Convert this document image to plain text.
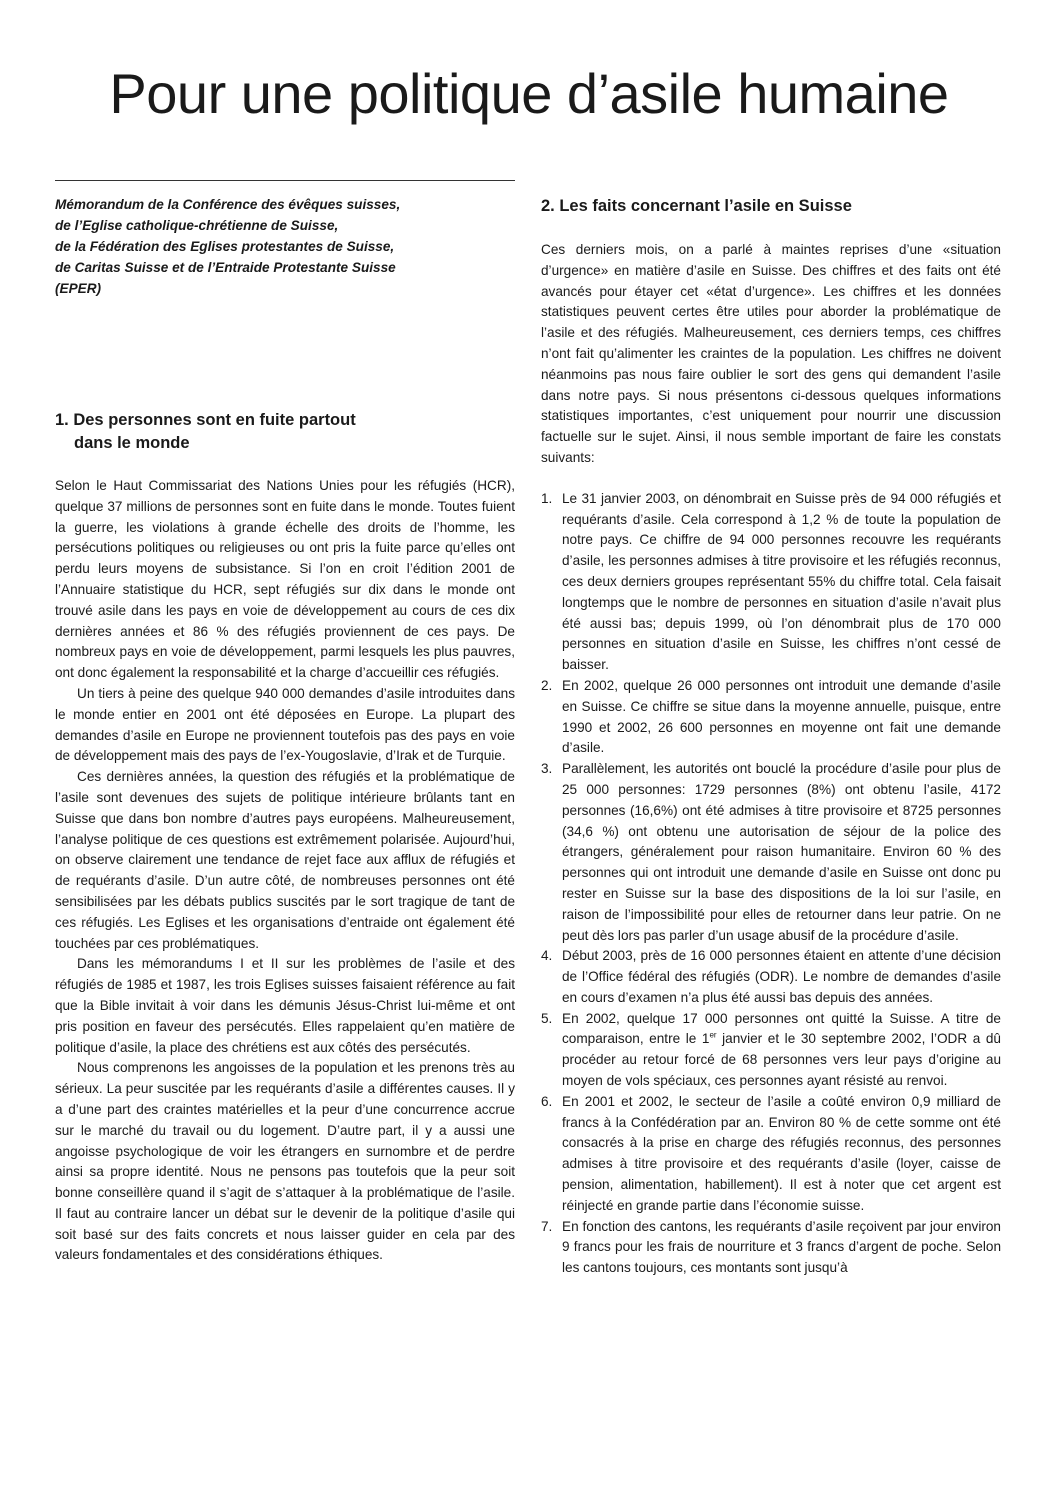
Pour une politique d’asile humaine
Mémorandum de la Conférence des évêques suisses,
de l’Eglise catholique-chrétienne de Suisse,
de la Fédération des Eglises protestantes de Suisse,
de Caritas Suisse et de l’Entraide Protestante Suisse
(EPER)
1. Des personnes sont en fuite partout
dans le monde

Selon le Haut Commissariat des Nations Unies pour les réfugiés (HCR), quelque 37 millions de personnes sont en fuite dans le monde. Toutes fuient la guerre, les violations à grande échelle des droits de l’homme, les persécutions politiques ou religieuses ou ont pris la fuite parce qu’elles ont perdu leurs moyens de subsistance. Si l’on en croit l’édition 2001 de l’Annuaire statistique du HCR, sept réfugiés sur dix dans le monde ont trouvé asile dans les pays en voie de développement au cours de ces dix dernières années et 86 % des réfugiés proviennent de ces pays. De nombreux pays en voie de développement, parmi lesquels les plus pauvres, ont donc également la responsabilité et la charge d’accueillir ces réfugiés.

Un tiers à peine des quelque 940 000 demandes d’asile introduites dans le monde entier en 2001 ont été déposées en Europe. La plupart des demandes d’asile en Europe ne proviennent toutefois pas des pays en voie de développement mais des pays de l’ex-Yougoslavie, d’Irak et de Turquie.

Ces dernières années, la question des réfugiés et la problématique de l’asile sont devenues des sujets de politique intérieure brûlants tant en Suisse que dans bon nombre d’autres pays européens. Malheureusement, l’analyse politique de ces questions est extrêmement polarisée. Aujourd’hui, on observe clairement une tendance de rejet face aux afflux de réfugiés et de requérants d’asile. D’un autre côté, de nombreuses personnes ont été sensibilisées par les débats publics suscités par le sort tragique de tant de ces réfugiés. Les Eglises et les organisations d’entraide ont également été touchées par ces problématiques.

Dans les mémorandums I et II sur les problèmes de l’asile et des réfugiés de 1985 et 1987, les trois Eglises suisses faisaient référence au fait que la Bible invitait à voir dans les démunis Jésus-Christ lui-même et ont pris position en faveur des persécutés. Elles rappelaient qu’en matière de politique d’asile, la place des chrétiens est aux côtés des persécutés.

Nous comprenons les angoisses de la population et les prenons très au sérieux. La peur suscitée par les requérants d’asile a différentes causes. Il y a d’une part des craintes matérielles et la peur d’une concurrence accrue sur le marché du travail ou du logement. D’autre part, il y a aussi une angoisse psychologique de voir les étrangers en surnombre et de perdre ainsi sa propre identité. Nous ne pensons pas toutefois que la peur soit bonne conseillère quand il s’agit de s’attaquer à la problématique de l’asile. Il faut au contraire lancer un débat sur le devenir de la politique d’asile qui soit basé sur des faits concrets et nous laisser guider en cela par des valeurs fondamentales et des considérations éthiques.

2. Les faits concernant l’asile en Suisse

Ces derniers mois, on a parlé à maintes reprises d’une «situation d’urgence» en matière d’asile en Suisse. Des chiffres et des faits ont été avancés pour étayer cet «état d’urgence». Les chiffres et les données statistiques peuvent certes être utiles pour aborder la problématique de l’asile et des réfugiés. Malheureusement, ces derniers temps, ces chiffres n’ont fait qu’alimenter les craintes de la population. Les chiffres ne doivent néanmoins pas nous faire oublier le sort des gens qui demandent l’asile dans notre pays. Si nous présentons ci-dessous quelques informations statistiques importantes, c’est uniquement pour nourrir une discussion factuelle sur le sujet. Ainsi, il nous semble important de faire les constats suivants:

1. Le 31 janvier 2003, on dénombrait en Suisse près de 94 000 réfugiés et requérants d’asile. Cela correspond à 1,2 % de toute la population de notre pays. Ce chiffre de 94 000 personnes recouvre les requérants d’asile, les personnes admises à titre provisoire et les réfugiés reconnus, ces deux derniers groupes représentant 55% du chiffre total. Cela faisait longtemps que le nombre de personnes en situation d’asile n’avait plus été aussi bas; depuis 1999, où l’on dénombrait plus de 170 000 personnes en situation d’asile en Suisse, les chiffres n’ont cessé de baisser.
2. En 2002, quelque 26 000 personnes ont introduit une demande d’asile en Suisse. Ce chiffre se situe dans la moyenne annuelle, puisque, entre 1990 et 2002, 26 600 personnes en moyenne ont fait une demande d’asile.
3. Parallèlement, les autorités ont bouclé la procédure d’asile pour plus de 25 000 personnes: 1729 personnes (8%) ont obtenu l’asile, 4172 personnes (16,6%) ont été admises à titre provisoire et 8725 personnes (34,6 %) ont obtenu une autorisation de séjour de la police des étrangers, généralement pour raison humanitaire. Environ 60 % des personnes qui ont introduit une demande d’asile en Suisse ont donc pu rester en Suisse sur la base des dispositions de la loi sur l’asile, en raison de l’impossibilité pour elles de retourner dans leur patrie. On ne peut dès lors pas parler d’un usage abusif de la procédure d’asile.
4. Début 2003, près de 16 000 personnes étaient en attente d’une décision de l’Office fédéral des réfugiés (ODR). Le nombre de demandes d’asile en cours d’examen n’a plus été aussi bas depuis des années.
5. En 2002, quelque 17 000 personnes ont quitté la Suisse. A titre de comparaison, entre le 1er janvier et le 30 septembre 2002, l’ODR a dû procéder au retour forcé de 68 personnes vers leur pays d’origine au moyen de vols spéciaux, ces personnes ayant résisté au renvoi.
6. En 2001 et 2002, le secteur de l’asile a coûté environ 0,9 milliard de francs à la Confédération par an. Environ 80 % de cette somme ont été consacrés à la prise en charge des réfugiés reconnus, des personnes admises à titre provisoire et des requérants d’asile (loyer, caisse de pension, alimentation, habillement). Il est à noter que cet argent est réinjecté en grande partie dans l’économie suisse.
7. En fonction des cantons, les requérants d’asile reçoivent par jour environ 9 francs pour les frais de nourriture et 3 francs d’argent de poche. Selon les cantons toujours, ces montants sont jusqu’à
